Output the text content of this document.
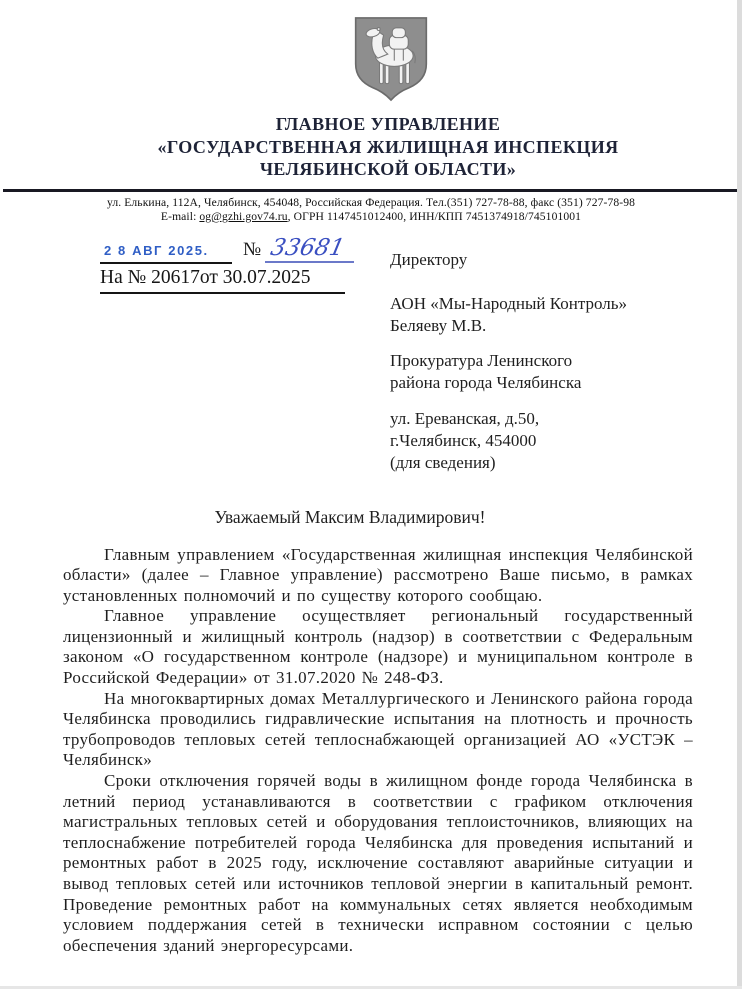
ГЛАВНОЕ УПРАВЛЕНИЕ
«ГОСУДАРСТВЕННАЯ ЖИЛИЩНАЯ ИНСПЕКЦИЯ
ЧЕЛЯБИНСКОЙ ОБЛАСТИ»
ул. Елькина, 112А, Челябинск, 454048, Российская Федерация. Тел.(351) 727-78-88, факс (351) 727-78-98
E-mail: og@gzhi.gov74.ru, ОГРН 1147451012400, ИНН/КПП 7451374918/745101001
2 8 АВГ 2025. № 33681
На № 20617от 30.07.2025
Директору
АОН «Мы-Народный Контроль»
Беляеву М.В.
Прокуратура Ленинского
района города Челябинска
ул. Ереванская, д.50,
г.Челябинск, 454000
(для сведения)
Уважаемый Максим Владимирович!

Главным управлением «Государственная жилищная инспекция Челябинской области» (далее – Главное управление) рассмотрено Ваше письмо, в рамках установленных полномочий и по существу которого сообщаю.

Главное управление осуществляет региональный государственный лицензионный и жилищный контроль (надзор) в соответствии с Федеральным законом «О государственном контроле (надзоре) и муниципальном контроле в Российской Федерации» от 31.07.2020 № 248-ФЗ.

На многоквартирных домах Металлургического и Ленинского района города Челябинска проводились гидравлические испытания на плотность и прочность трубопроводов тепловых сетей теплоснабжающей организацией АО «УСТЭК – Челябинск»

Сроки отключения горячей воды в жилищном фонде города Челябинска в летний период устанавливаются в соответствии с графиком отключения магистральных тепловых сетей и оборудования теплоисточников, влияющих на теплоснабжение потребителей города Челябинска для проведения испытаний и ремонтных работ в 2025 году, исключение составляют аварийные ситуации и вывод тепловых сетей или источников тепловой энергии в капитальный ремонт. Проведение ремонтных работ на коммунальных сетях является необходимым условием поддержания сетей в технически исправном состоянии с целью обеспечения зданий энергоресурсами.
